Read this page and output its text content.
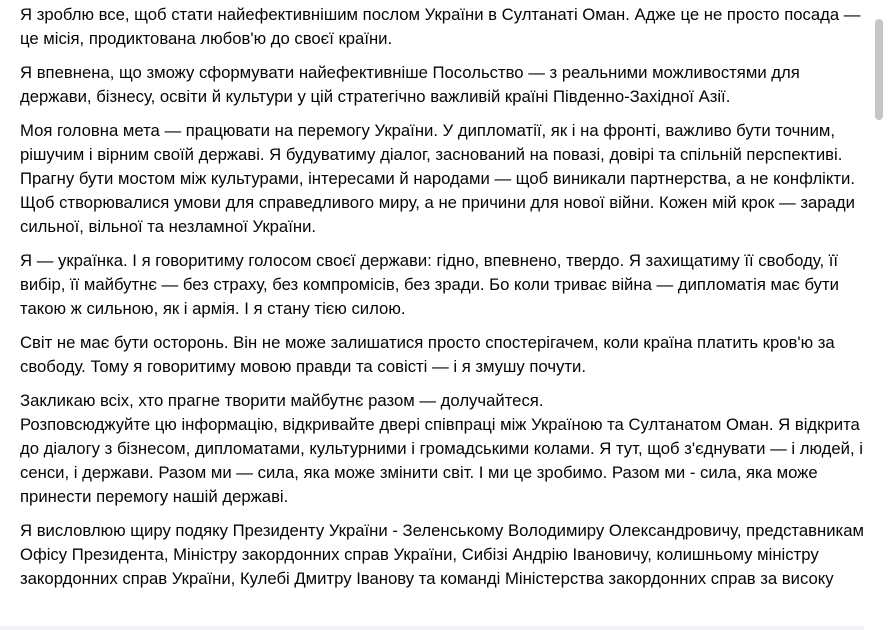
Я зроблю все, щоб стати найефективнішим послом України в Султанаті Оман. Адже це не просто посада — це місія, продиктована любов'ю до своєї країни.

Я впевнена, що зможу сформувати найефективніше Посольство — з реальними можливостями для держави, бізнесу, освіти й культури у цій стратегічно важливій країні Південно-Західної Азії.

Моя головна мета — працювати на перемогу України. У дипломатії, як і на фронті, важливо бути точним, рішучим і вірним своїй державі. Я будуватиму діалог, заснований на повазі, довірі та спільній перспективі. Прагну бути мостом між культурами, інтересами й народами — щоб виникали партнерства, а не конфлікти. Щоб створювалися умови для справедливого миру, а не причини для нової війни. Кожен мій крок — заради сильної, вільної та незламної України.

Я — українка. І я говоритиму голосом своєї держави: гідно, впевнено, твердо. Я захищатиму її свободу, її вибір, її майбутнє — без страху, без компромісів, без зради. Бо коли триває війна — дипломатія має бути такою ж сильною, як і армія. І я стану тією силою.

Світ не має бути осторонь. Він не може залишатися просто спостерігачем, коли країна платить кров'ю за свободу. Тому я говоритиму мовою правди та совісті — і я змушу почути.

Закликаю всіх, хто прагне творити майбутнє разом — долучайтеся.
Розповсюджуйте цю інформацію, відкривайте двері співпраці між Україною та Султанатом Оман. Я відкрита до діалогу з бізнесом, дипломатами, культурними і громадськими колами. Я тут, щоб з'єднувати — і людей, і сенси, і держави. Разом ми — сила, яка може змінити світ. І ми це зробимо. Разом ми - сила, яка може принести перемогу нашій державі.

Я висловлюю щиру подяку Президенту України - Зеленському Володимиру Олександровичу, представникам Офісу Президента, Міністру закордонних справ України, Сибізі Андрію Івановичу, колишньому міністру закордонних справ України, Кулебі Дмитру Іванову та команді Міністерства закордонних справ за високу
